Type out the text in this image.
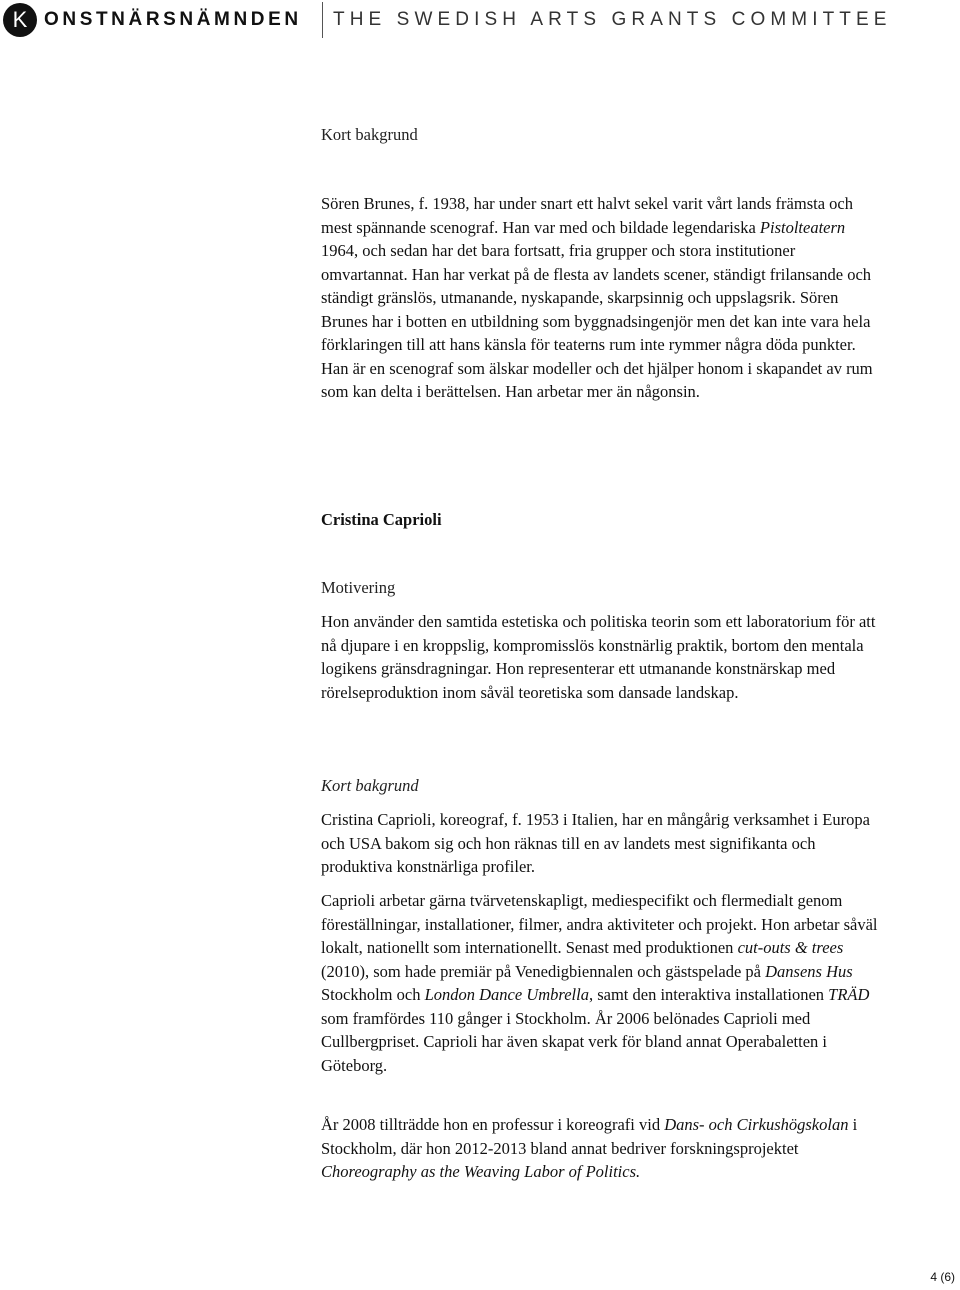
K ONSTNÄRSNÄMNDEN THE SWEDISH ARTS GRANTS COMMITTEE

Kort bakgrund

Sören Brunes, f. 1938, har under snart ett halvt sekel varit vårt lands främsta och mest spännande scenograf. Han var med och bildade legendariska Pistolteatern 1964, och sedan har det bara fortsatt, fria grupper och stora institutioner omvartannat. Han har verkat på de flesta av landets scener, ständigt frilansande och ständigt gränslös, utmanande, nyskapande, skarpsinnig och uppslagsrik. Sören Brunes har i botten en utbildning som byggnadsingenjör men det kan inte vara hela förklaringen till att hans känsla för teaterns rum inte rymmer några döda punkter. Han är en scenograf som älskar modeller och det hjälper honom i skapandet av rum som kan delta i berättelsen. Han arbetar mer än någonsin.

Cristina Caprioli

Motivering

Hon använder den samtida estetiska och politiska teorin som ett laboratorium för att nå djupare i en kroppslig, kompromisslös konstnärlig praktik, bortom den mentala logikens gränsdragningar. Hon representerar ett utmanande konstnärskap med rörelseproduktion inom såväl teoretiska som dansade landskap.

Kort bakgrund

Cristina Caprioli, koreograf, f. 1953 i Italien, har en mångårig verksamhet i Europa och USA bakom sig och hon räknas till en av landets mest signifikanta och produktiva konstnärliga profiler.

Caprioli arbetar gärna tvärvetenskapligt, mediespecifikt och flermedialt genom föreställningar, installationer, filmer, andra aktiviteter och projekt. Hon arbetar såväl lokalt, nationellt som internationellt. Senast med produktionen cut-outs & trees (2010), som hade premiär på Venedigbiennalen och gästspelade på Dansens Hus Stockholm och London Dance Umbrella, samt den interaktiva installationen TRÄD som framfördes 110 gånger i Stockholm. År 2006 belönades Caprioli med Cullbergpriset. Caprioli har även skapat verk för bland annat Operabaletten i Göteborg.

År 2008 tillträdde hon en professur i koreografi vid Dans- och Cirkushögskolan i Stockholm, där hon 2012-2013 bland annat bedriver forskningsprojektet Choreography as the Weaving Labor of Politics.

4 (6)
